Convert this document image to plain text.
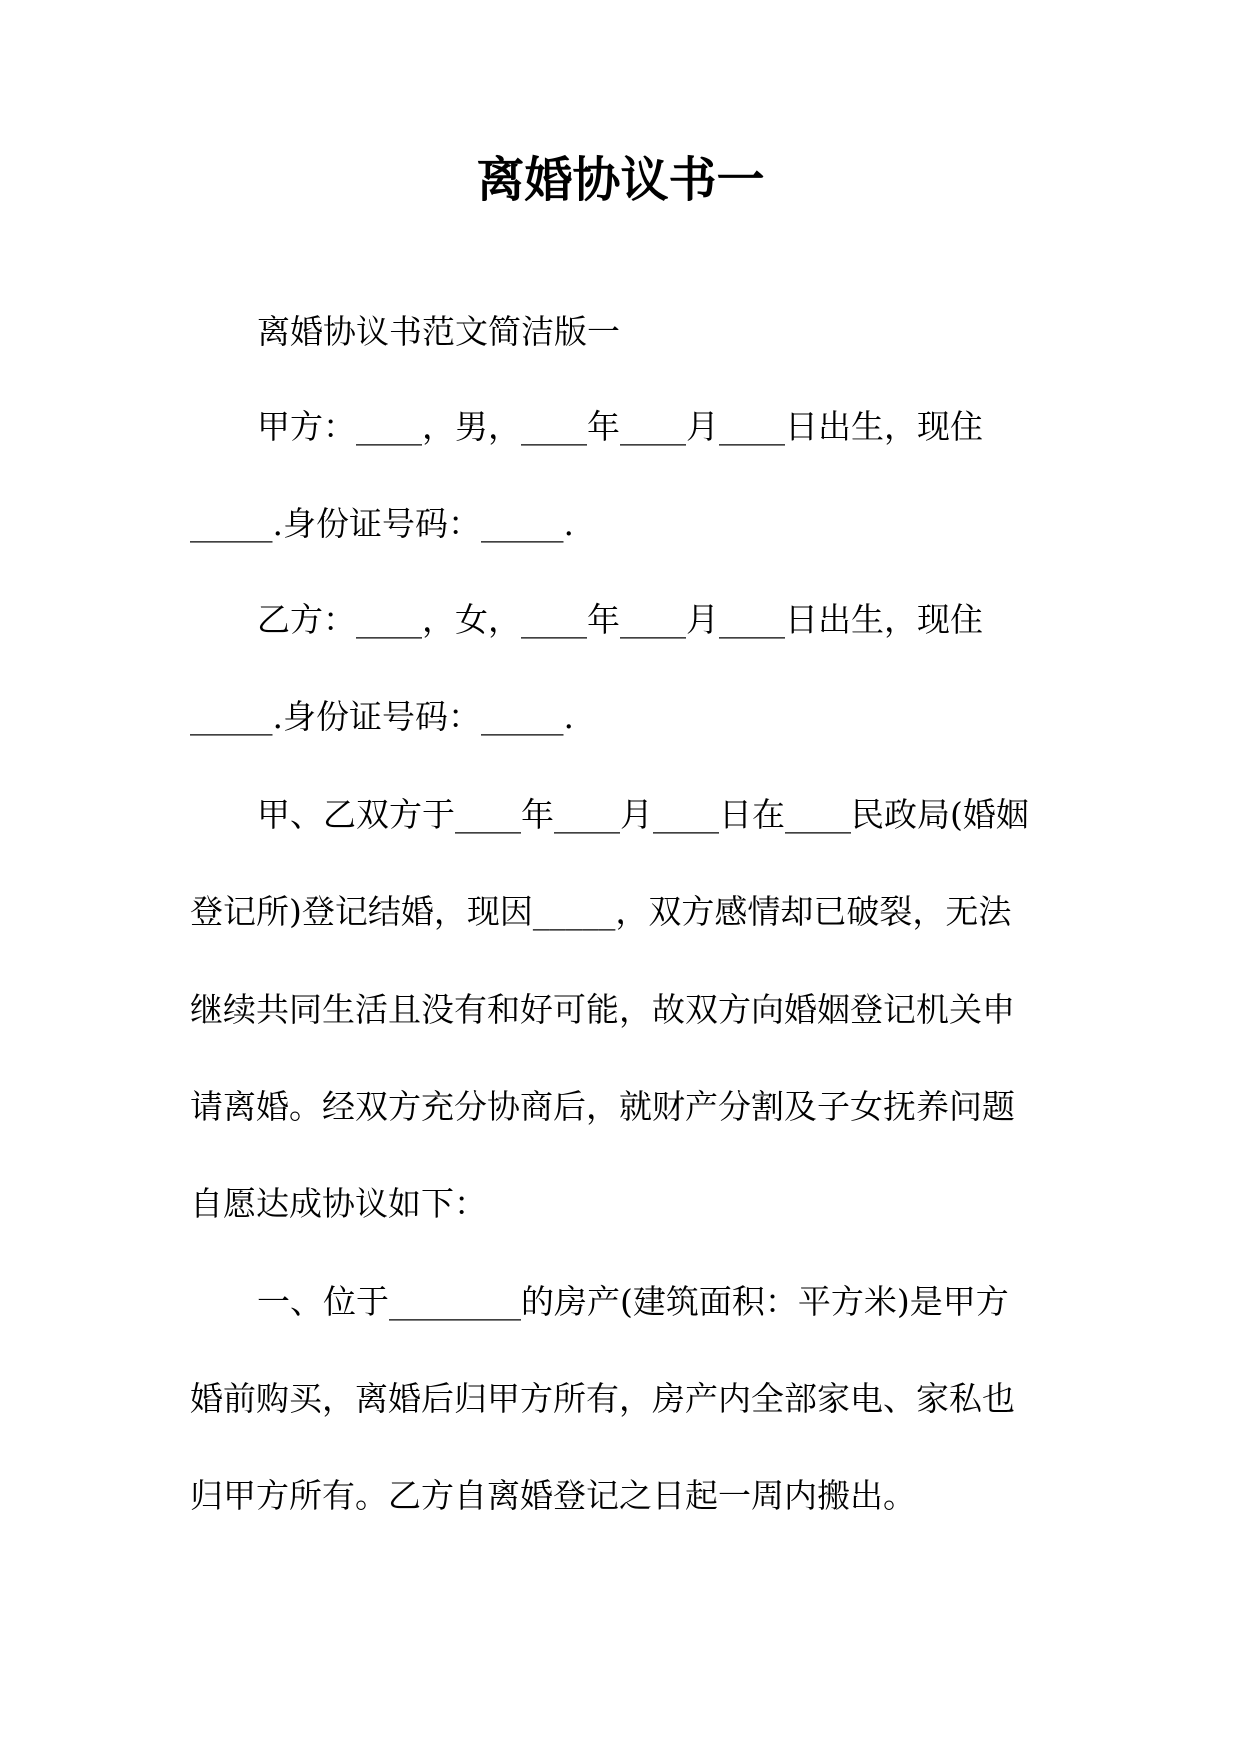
离婚协议书一

离婚协议书范文简洁版一

甲方：____，男，____年____月____日出生，现住

_____.身份证号码：_____.

乙方：____，女，____年____月____日出生，现住

_____.身份证号码：_____.

甲、乙双方于____年____月____日在____民政局(婚姻

登记所)登记结婚，现因_____，双方感情却已破裂，无法

继续共同生活且没有和好可能，故双方向婚姻登记机关申

请离婚。经双方充分协商后，就财产分割及子女抚养问题

自愿达成协议如下：

一、位于________的房产(建筑面积：平方米)是甲方

婚前购买，离婚后归甲方所有，房产内全部家电、家私也

归甲方所有。乙方自离婚登记之日起一周内搬出。
